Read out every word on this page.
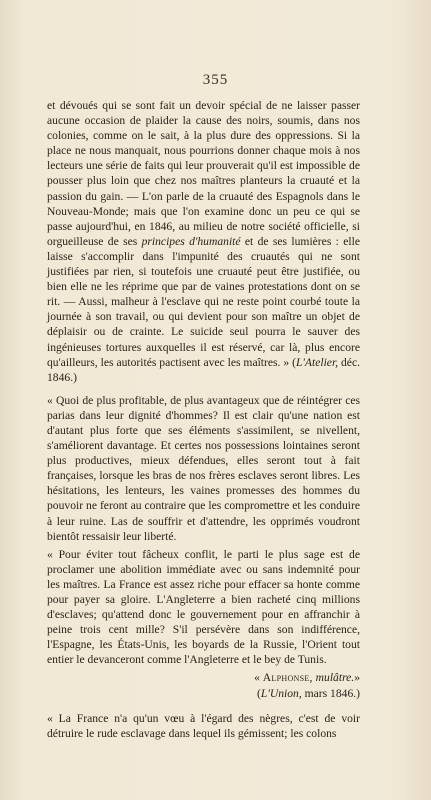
355

et dévoués qui se sont fait un devoir spécial de ne laisser passer aucune occasion de plaider la cause des noirs, soumis, dans nos colonies, comme on le sait, à la plus dure des oppressions. Si la place ne nous manquait, nous pourrions donner chaque mois à nos lecteurs une série de faits qui leur prouverait qu'il est impossible de pousser plus loin que chez nos maîtres planteurs la cruauté et la passion du gain. — L'on parle de la cruauté des Espagnols dans le Nouveau-Monde; mais que l'on examine donc un peu ce qui se passe aujourd'hui, en 1846, au milieu de notre société officielle, si orgueilleuse de ses principes d'humanité et de ses lumières : elle laisse s'accomplir dans l'impunité des cruautés qui ne sont justifiées par rien, si toutefois une cruauté peut être justifiée, ou bien elle ne les réprime que par de vaines protestations dont on se rit. — Aussi, malheur à l'esclave qui ne reste point courbé toute la journée à son travail, ou qui devient pour son maître un objet de déplaisir ou de crainte. Le suicide seul pourra le sauver des ingénieuses tortures auxquelles il est réservé, car là, plus encore qu'ailleurs, les autorités pactisent avec les maîtres. » (L'Atelier, déc. 1846.)

« Quoi de plus profitable, de plus avantageux que de réintégrer ces parias dans leur dignité d'hommes? Il est clair qu'une nation est d'autant plus forte que ses éléments s'assimilent, se nivellent, s'améliorent davantage. Et certes nos possessions lointaines seront plus productives, mieux défendues, elles seront tout à fait françaises, lorsque les bras de nos frères esclaves seront libres. Les hésitations, les lenteurs, les vaines promesses des hommes du pouvoir ne feront au contraire que les compromettre et les conduire à leur ruine. Las de souffrir et d'attendre, les opprimés voudront bientôt ressaisir leur liberté.

« Pour éviter tout fâcheux conflit, le parti le plus sage est de proclamer une abolition immédiate avec ou sans indemnité pour les maîtres. La France est assez riche pour effacer sa honte comme pour payer sa gloire. L'Angleterre a bien racheté cinq millions d'esclaves; qu'attend donc le gouvernement pour en affranchir à peine trois cent mille? S'il persévère dans son indifférence, l'Espagne, les États-Unis, les boyards de la Russie, l'Orient tout entier le devanceront comme l'Angleterre et le bey de Tunis.

« Alphonse, mulâtre.»

(L'Union, mars 1846.)

« La France n'a qu'un vœu à l'égard des nègres, c'est de voir détruire le rude esclavage dans lequel ils gémissent; les colons
